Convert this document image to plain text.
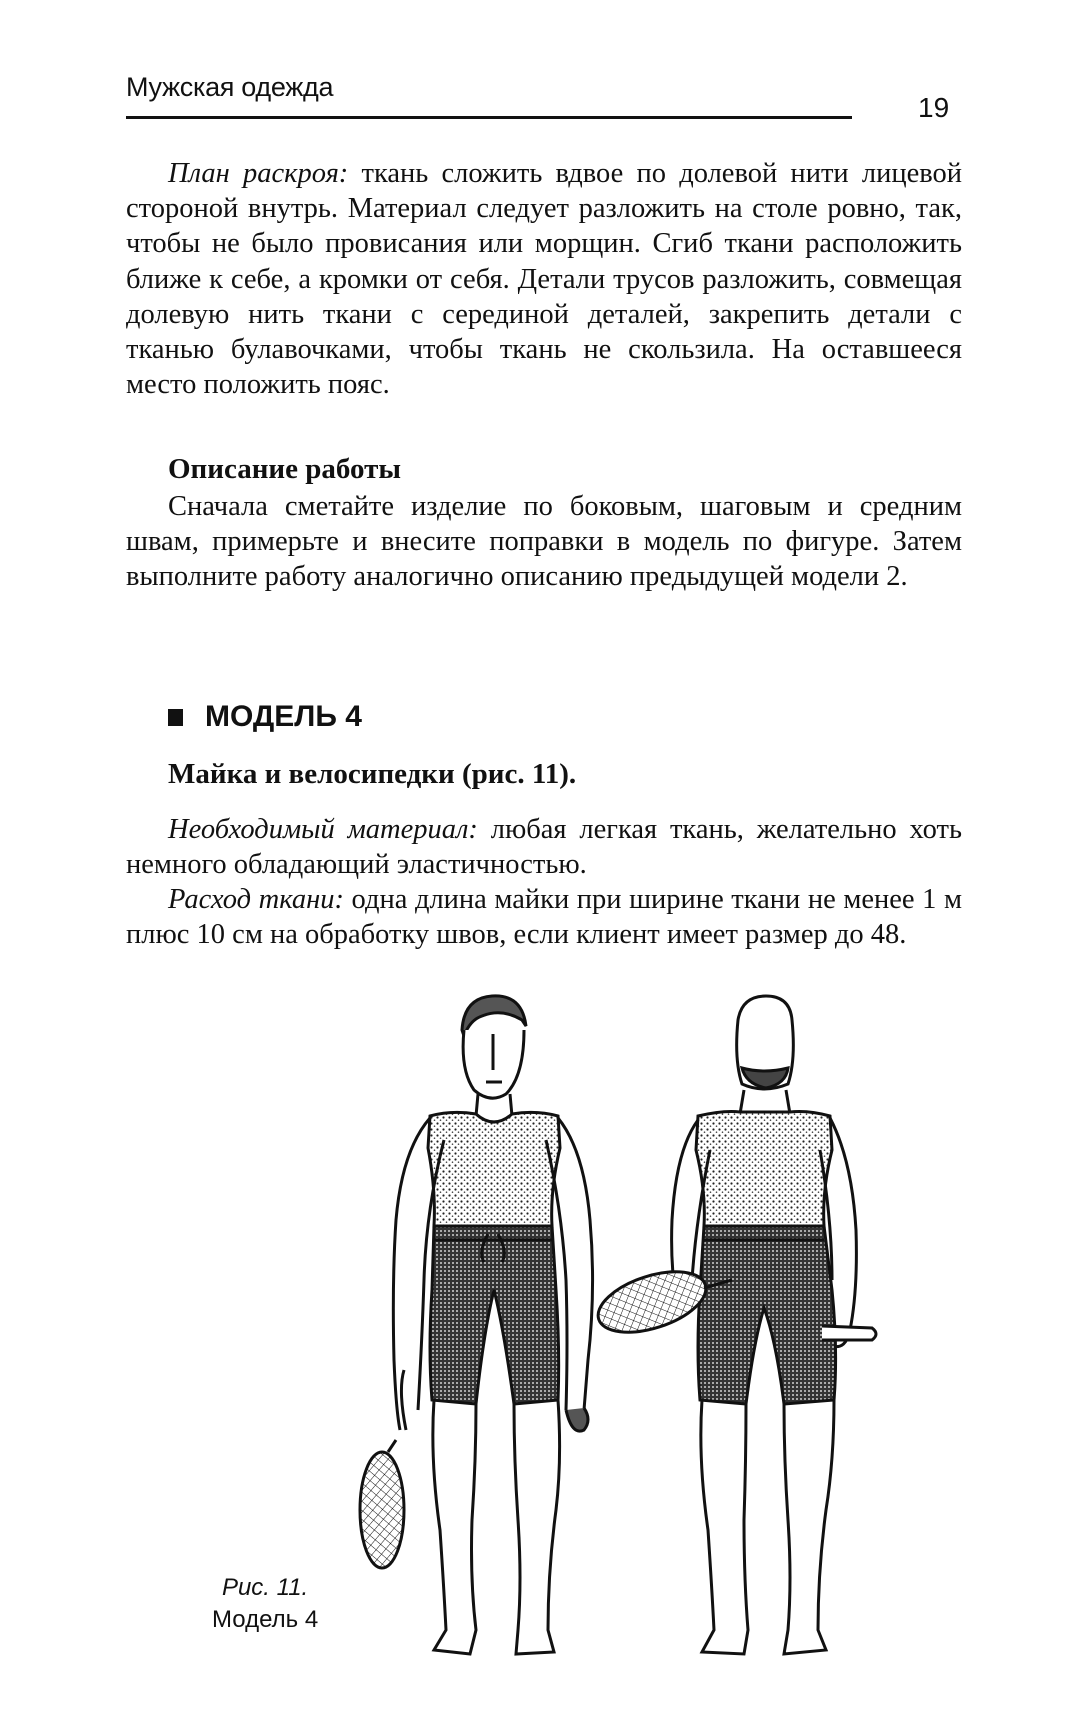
Мужская одежда
19

План раскроя: ткань сложить вдвое по долевой нити лицевой стороной внутрь. Материал следует разложить на столе ровно, так, чтобы не было провисания или морщин. Сгиб ткани расположить ближе к себе, а кромки от себя. Детали трусов разложить, совмещая долевую нить ткани с серединой деталей, закрепить детали с тканью булавочками, чтобы ткань не скользила. На оставшееся место положить пояс.

Описание работы

Сначала сметайте изделие по боковым, шаговым и средним швам, примерьте и внесите поправки в модель по фигуре. Затем выполните работу аналогично описанию предыдущей модели 2.

МОДЕЛЬ 4
Майка и велосипедки (рис. 11).

Необходимый материал: любая легкая ткань, желательно хоть немного обладающий эластичностью.

Расход ткани: одна длина майки при ширине ткани не менее 1 м плюс 10 см на обработку швов, если клиент имеет размер до 48.

Рис. 11.
Модель 4
